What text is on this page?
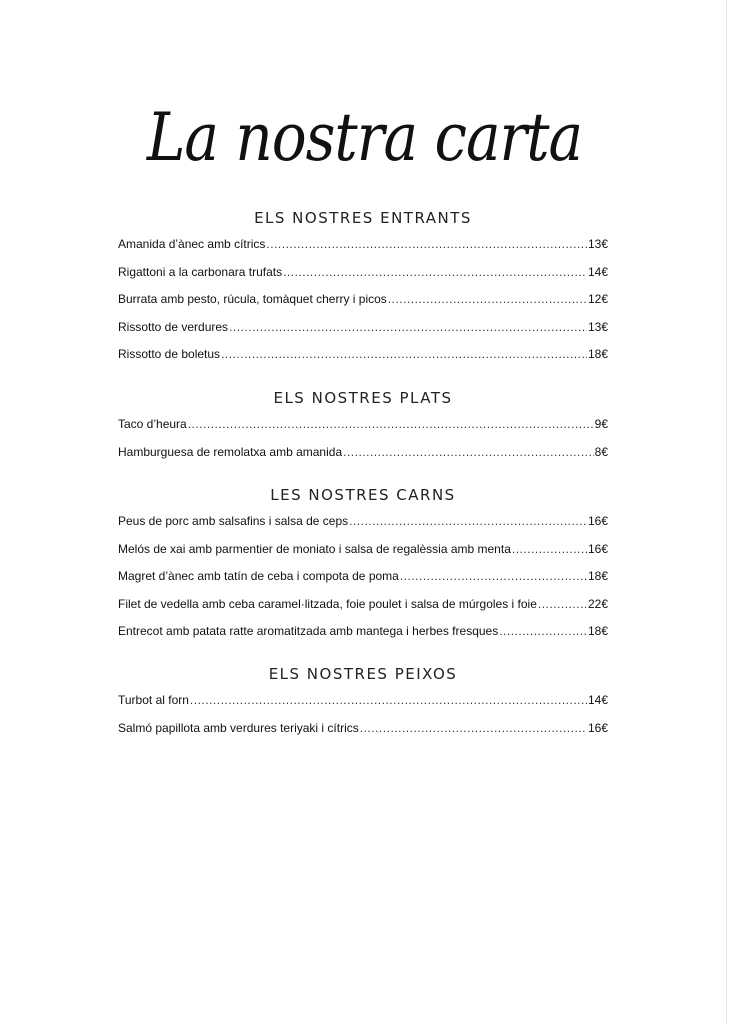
La nostra carta
ELS NOSTRES ENTRANTS
Amanida d’ànec amb cítrics .....	13€
Rigattoni a la carbonara trufats .....	14€
Burrata amb pesto, rúcula, tomàquet cherry i picos .....	12€
Rissotto de verdures .....	13€
Rissotto de boletus .....	18€
ELS NOSTRES PLATS
Taco d’heura .....	9€
Hamburguesa de remolatxa amb amanida .....	8€
LES NOSTRES CARNS
Peus de porc amb salsafins i salsa de ceps .....	16€
Melós de xai amb parmentier de moniato i salsa de regalèssia amb menta .....	16€
Magret d’ànec amb tatín de ceba i compota de poma .....	18€
Filet de vedella amb ceba caramel·litzada, foie poulet i salsa de múrgoles i foie .....	22€
Entrecot amb patata ratte aromatitzada amb mantega i herbes fresques .....	18€
ELS NOSTRES PEIXOS
Turbot al forn .....	14€
Salmó papillota amb verdures teriyaki i cítrics .....	16€
